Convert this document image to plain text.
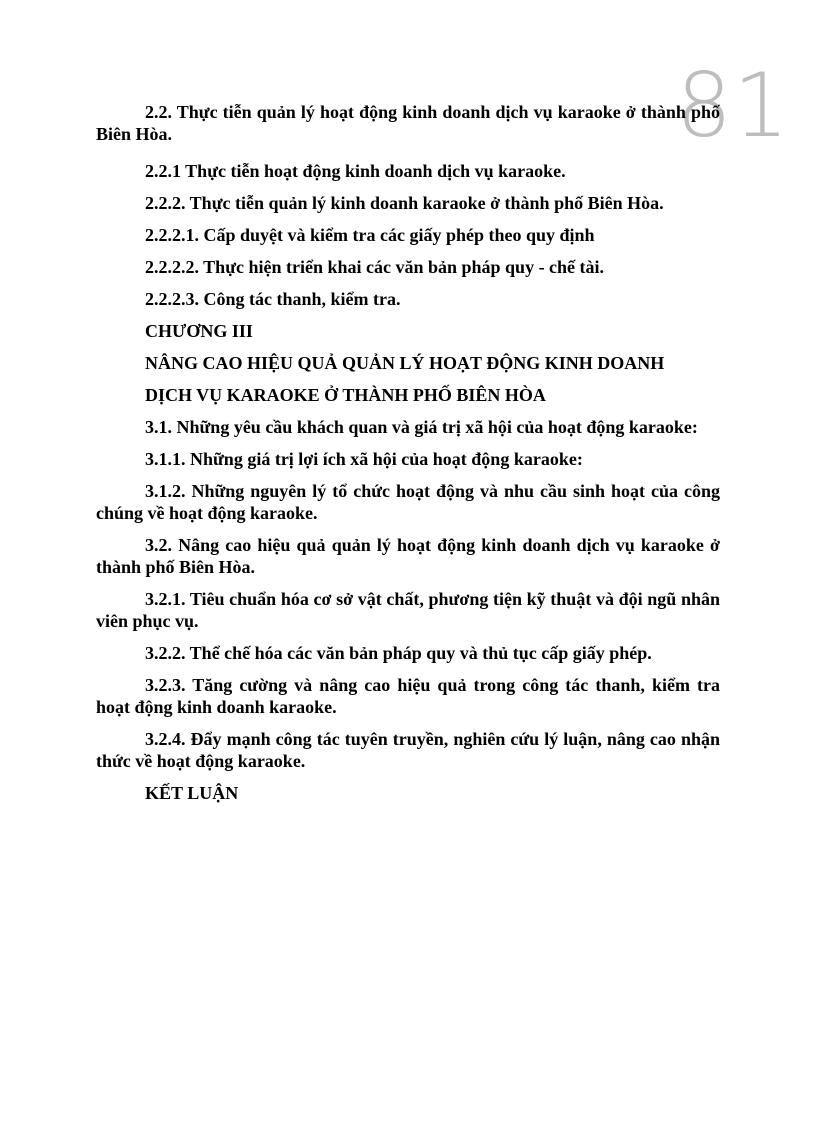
81

2.2. Thực tiễn quản lý hoạt động kinh doanh dịch vụ karaoke ở thành phố Biên Hòa.

2.2.1 Thực tiễn hoạt động kinh doanh dịch vụ karaoke.

2.2.2. Thực tiễn quản lý kinh doanh karaoke ở thành phố Biên Hòa.

2.2.2.1. Cấp duyệt và kiểm tra các giấy phép theo quy định

2.2.2.2. Thực hiện triển khai các văn bản pháp quy - chế tài.

2.2.2.3. Công tác thanh, kiểm tra.

CHƯƠNG III

NÂNG CAO HIỆU QUẢ QUẢN LÝ HOẠT ĐỘNG KINH DOANH

DỊCH VỤ KARAOKE Ở THÀNH PHỐ BIÊN HÒA

3.1. Những yêu cầu khách quan và giá trị xã hội của hoạt động karaoke:

3.1.1. Những giá trị lợi ích xã hội của hoạt động karaoke:

3.1.2. Những nguyên lý tổ chức hoạt động và nhu cầu sinh hoạt của công chúng về hoạt động karaoke.

3.2. Nâng cao hiệu quả quản lý hoạt động kinh doanh dịch vụ karaoke ở thành phố Biên Hòa.

3.2.1. Tiêu chuẩn hóa cơ sở vật chất, phương tiện kỹ thuật và đội ngũ nhân viên phục vụ.

3.2.2. Thể chế hóa các văn bản pháp quy và thủ tục cấp giấy phép.

3.2.3. Tăng cường và nâng cao hiệu quả trong công tác thanh, kiểm tra hoạt động kinh doanh karaoke.

3.2.4. Đẩy mạnh công tác tuyên truyền, nghiên cứu lý luận, nâng cao nhận thức về hoạt động karaoke.

KẾT LUẬN
